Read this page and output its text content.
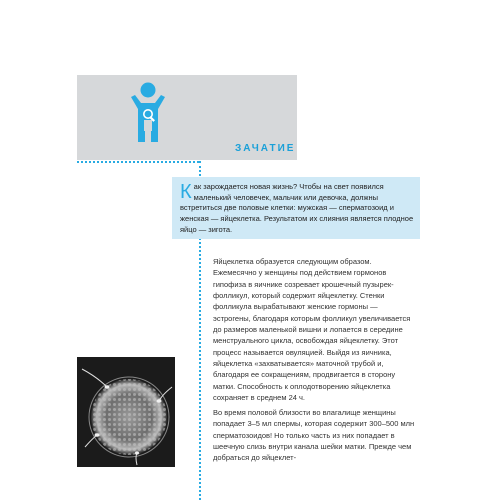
ЗАЧАТИЕ

Как зарождается новая жизнь? Чтобы на свет появился маленький человечек, мальчик или девочка, должны встретиться две половые клетки: мужская — сперматозоид и женская — яйцеклетка. Результатом их слияния является плодное яйцо — зигота.

Яйцеклетка образуется следующим образом. Ежемесячно у женщины под действием гормонов гипофиза в яичнике созревает крошечный пузырек-фолликул, который содержит яйцеклетку. Стенки фолликула вырабатывают женские гормоны — эстрогены, благодаря которым фолликул увеличивается до размеров маленькой вишни и лопается в середине менструального цикла, освобождая яйцеклетку. Этот процесс называется овуляцией. Выйдя из яичника, яйцеклетка «захватывается» маточной трубой и, благодаря ее сокращениям, продвигается в сторону матки. Способность к оплодотворению яйцеклетка сохраняет в среднем 24 ч.

Во время половой близости во влагалище женщины попадает 3–5 мл спермы, которая содержит 300–500 млн сперматозоидов! Но только часть из них попадает в шеечную слизь внутри канала шейки матки. Прежде чем добраться до яйцеклет-
